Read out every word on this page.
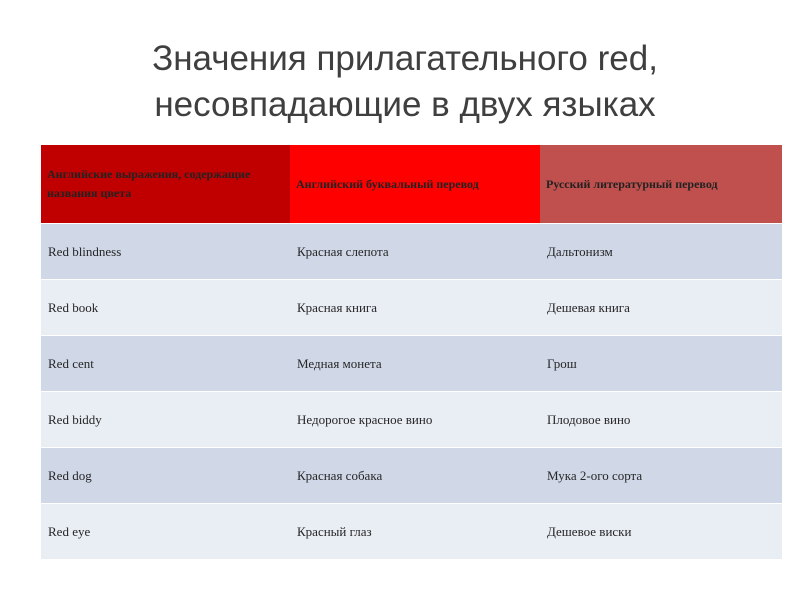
Значения прилагательного red,
несовпадающие в двух языках
Английские выражения, содержащие названия цвета	Английский буквальный перевод	Русский литературный перевод
Red blindness	Красная слепота	Дальтонизм
Red book	Красная книга	Дешевая книга
Red cent	Медная монета	Грош
Red biddy	Недорогое красное вино	Плодовое вино
Red dog	Красная собака	Мука 2-ого сорта
Red eye	Красный глаз	Дешевое виски
